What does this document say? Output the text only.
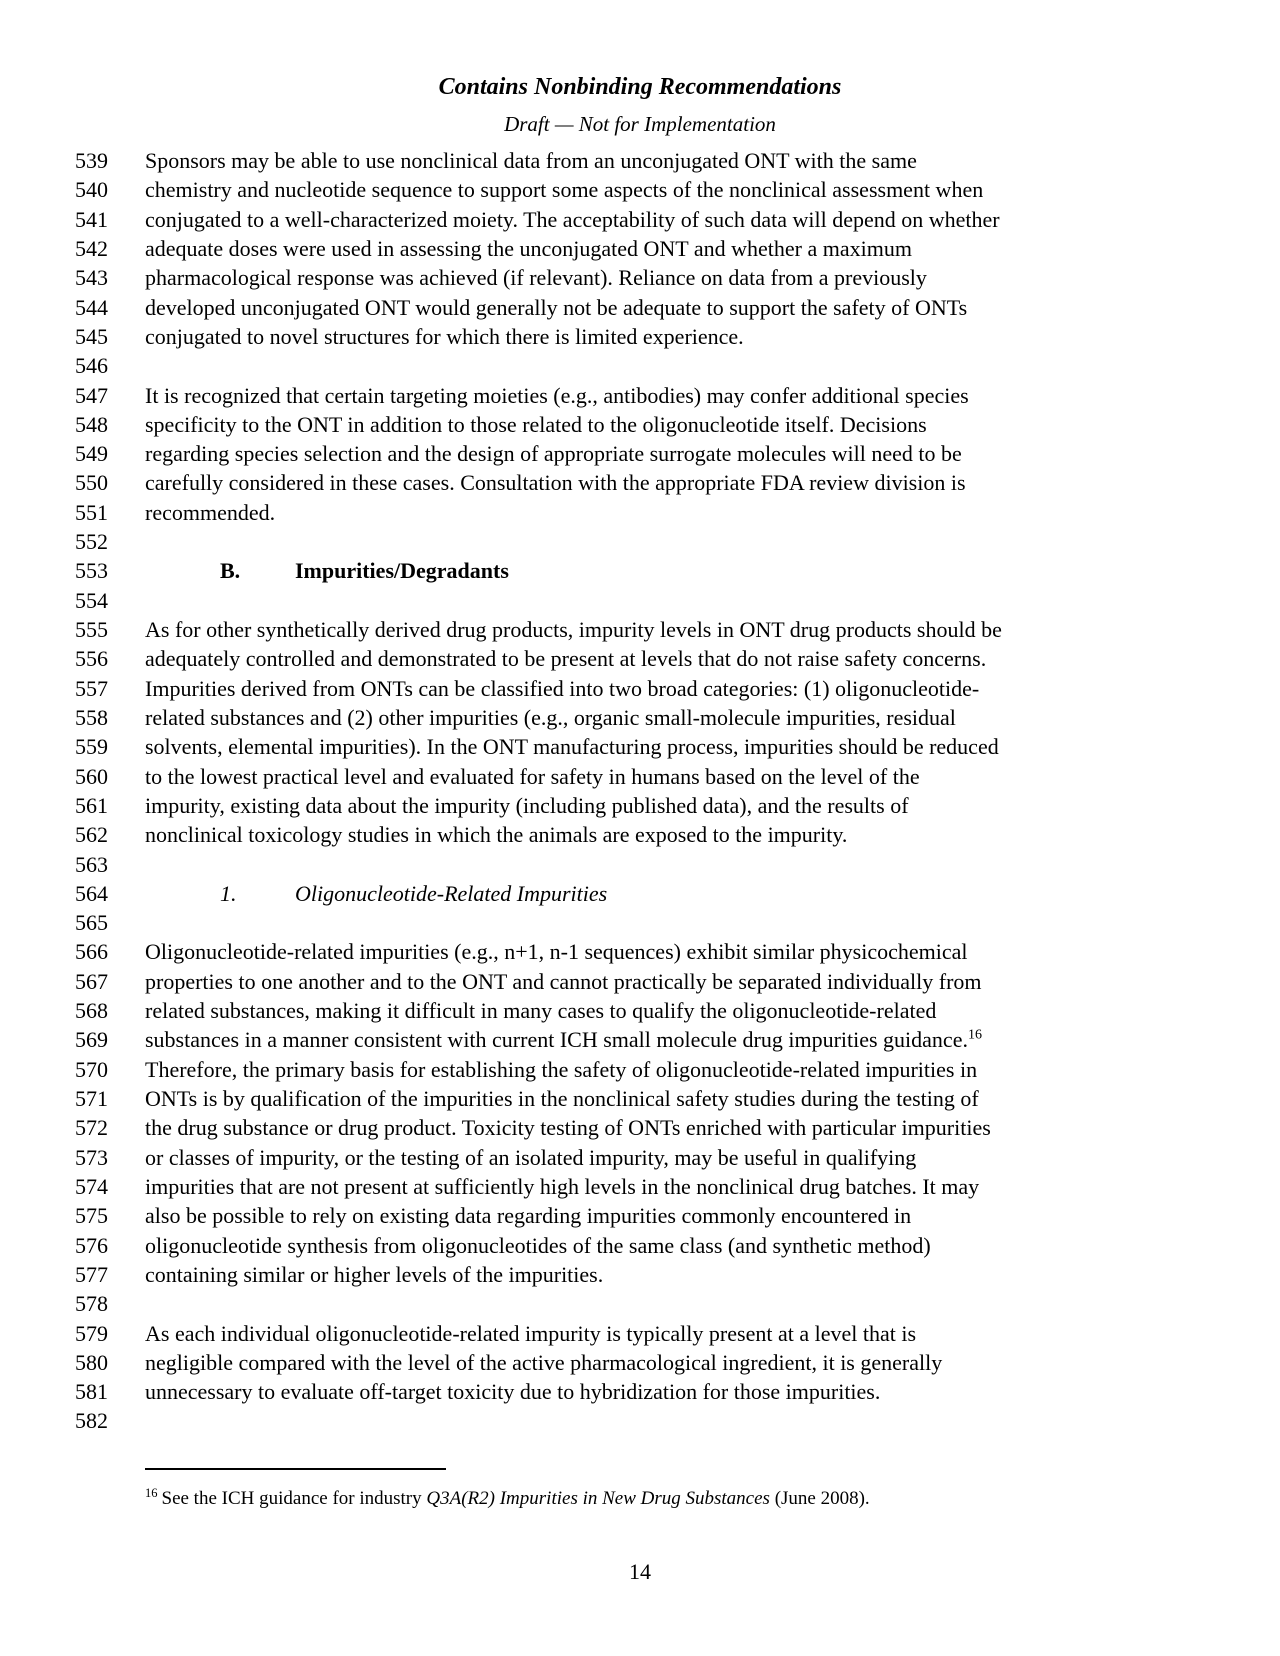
Contains Nonbinding Recommendations
Draft — Not for Implementation
539 Sponsors may be able to use nonclinical data from an unconjugated ONT with the same
540 chemistry and nucleotide sequence to support some aspects of the nonclinical assessment when
541 conjugated to a well-characterized moiety. The acceptability of such data will depend on whether
542 adequate doses were used in assessing the unconjugated ONT and whether a maximum
543 pharmacological response was achieved (if relevant). Reliance on data from a previously
544 developed unconjugated ONT would generally not be adequate to support the safety of ONTs
545 conjugated to novel structures for which there is limited experience.
546
547 It is recognized that certain targeting moieties (e.g., antibodies) may confer additional species
548 specificity to the ONT in addition to those related to the oligonucleotide itself. Decisions
549 regarding species selection and the design of appropriate surrogate molecules will need to be
550 carefully considered in these cases. Consultation with the appropriate FDA review division is
551 recommended.
552
553	B. Impurities/Degradants
554
555 As for other synthetically derived drug products, impurity levels in ONT drug products should be
556 adequately controlled and demonstrated to be present at levels that do not raise safety concerns.
557 Impurities derived from ONTs can be classified into two broad categories: (1) oligonucleotide-
558 related substances and (2) other impurities (e.g., organic small-molecule impurities, residual
559 solvents, elemental impurities). In the ONT manufacturing process, impurities should be reduced
560 to the lowest practical level and evaluated for safety in humans based on the level of the
561 impurity, existing data about the impurity (including published data), and the results of
562 nonclinical toxicology studies in which the animals are exposed to the impurity.
563
564	1.	Oligonucleotide-Related Impurities
565
566 Oligonucleotide-related impurities (e.g., n+1, n-1 sequences) exhibit similar physicochemical
567 properties to one another and to the ONT and cannot practically be separated individually from
568 related substances, making it difficult in many cases to qualify the oligonucleotide-related
569 substances in a manner consistent with current ICH small molecule drug impurities guidance.$^{16}$
570 Therefore, the primary basis for establishing the safety of oligonucleotide-related impurities in
571 ONTs is by qualification of the impurities in the nonclinical safety studies during the testing of
572 the drug substance or drug product. Toxicity testing of ONTs enriched with particular impurities
573 or classes of impurity, or the testing of an isolated impurity, may be useful in qualifying
574 impurities that are not present at sufficiently high levels in the nonclinical drug batches. It may
575 also be possible to rely on existing data regarding impurities commonly encountered in
576 oligonucleotide synthesis from oligonucleotides of the same class (and synthetic method)
577 containing similar or higher levels of the impurities.
578
579 As each individual oligonucleotide-related impurity is typically present at a level that is
580 negligible compared with the level of the active pharmacological ingredient, it is generally
581 unnecessary to evaluate off-target toxicity due to hybridization for those impurities.
582
$^{16}$ See the ICH guidance for industry Q3A(R2) Impurities in New Drug Substances (June 2008).
14
